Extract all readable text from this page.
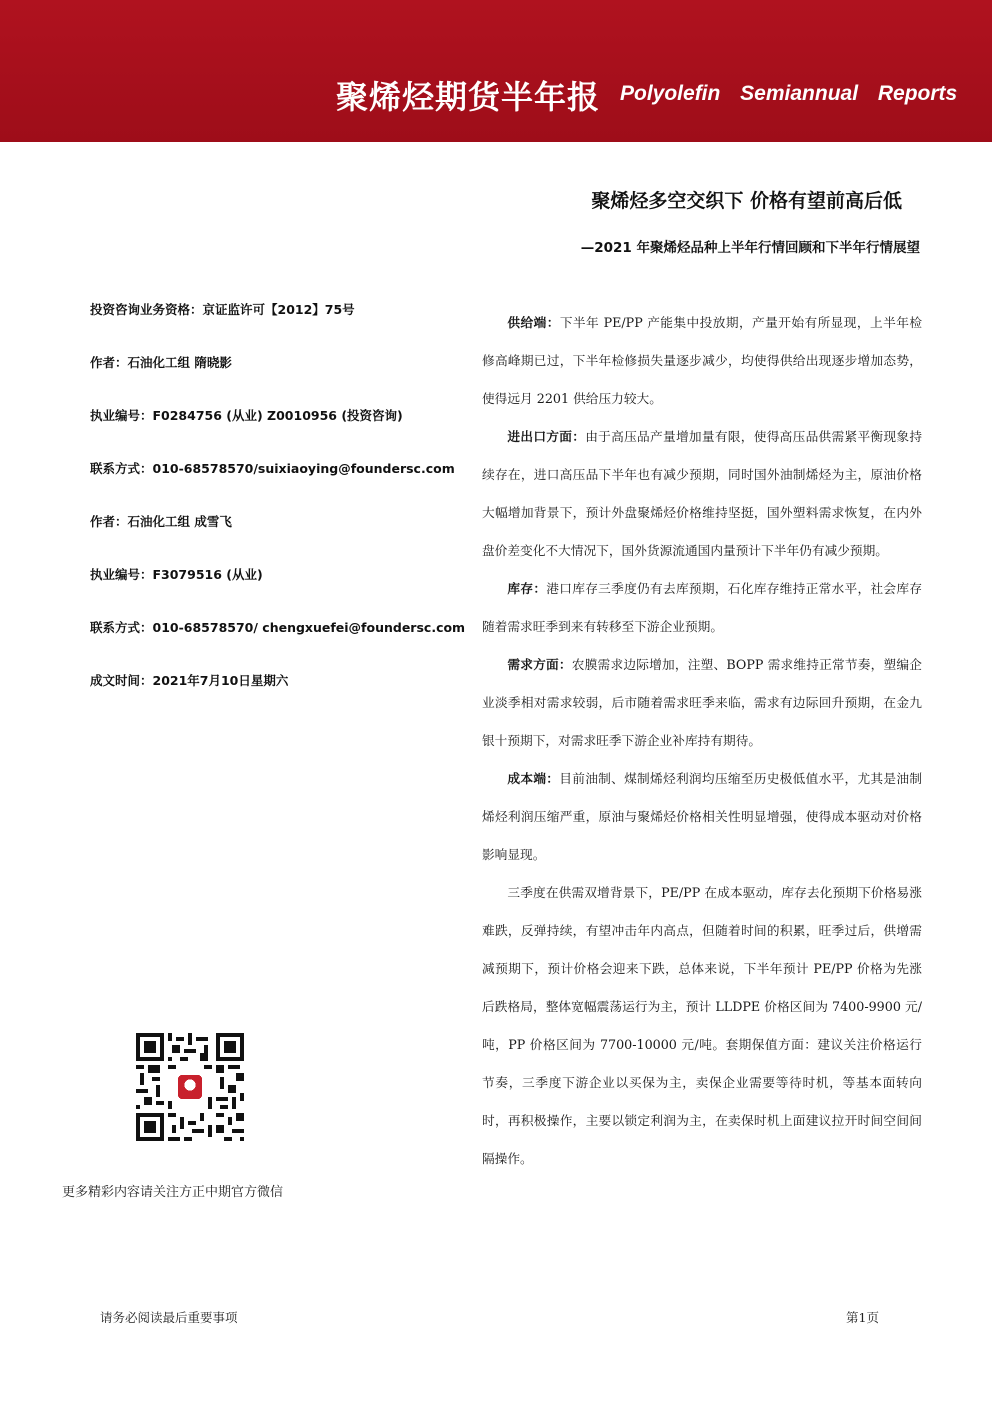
聚烯烃期货半年报 Polyolefin Semiannual Reports
聚烯烃多空交织下 价格有望前高后低
—2021 年聚烯烃品种上半年行情回顾和下半年行情展望
投资咨询业务资格：京证监许可【2012】75号
作者：石油化工组 隋晓影
执业编号：F0284756 (从业) Z0010956 (投资咨询)
联系方式：010-68578570/suixiaoying@foundersc.com
作者：石油化工组 成雪飞
执业编号：F3079516 (从业)
联系方式：010-68578570/ chengxuefei@foundersc.com
成文时间：2021年7月10日星期六
更多精彩内容请关注方正中期官方微信

供给端：下半年 PE/PP 产能集中投放期，产量开始有所显现，上半年检修高峰期已过，下半年检修损失量逐步减少，均使得供给出现逐步增加态势，使得远月 2201 供给压力较大。

进出口方面：由于高压品产量增加量有限，使得高压品供需紧平衡现象持续存在，进口高压品下半年也有减少预期，同时国外油制烯烃为主，原油价格大幅增加背景下，预计外盘聚烯烃价格维持坚挺，国外塑料需求恢复，在内外盘价差变化不大情况下，国外货源流通国内量预计下半年仍有减少预期。

库存：港口库存三季度仍有去库预期，石化库存维持正常水平，社会库存随着需求旺季到来有转移至下游企业预期。

需求方面：农膜需求边际增加，注塑、BOPP 需求维持正常节奏，塑编企业淡季相对需求较弱，后市随着需求旺季来临，需求有边际回升预期，在金九银十预期下，对需求旺季下游企业补库持有期待。

成本端：目前油制、煤制烯烃利润均压缩至历史极低值水平，尤其是油制烯烃利润压缩严重，原油与聚烯烃价格相关性明显增强，使得成本驱动对价格影响显现。

三季度在供需双增背景下，PE/PP 在成本驱动，库存去化预期下价格易涨难跌，反弹持续，有望冲击年内高点，但随着时间的积累，旺季过后，供增需减预期下，预计价格会迎来下跌，总体来说，下半年预计 PE/PP 价格为先涨后跌格局，整体宽幅震荡运行为主，预计 LLDPE 价格区间为 7400-9900 元/吨，PP 价格区间为 7700-10000 元/吨。套期保值方面：建议关注价格运行节奏，三季度下游企业以买保为主，卖保企业需要等待时机，等基本面转向时，再积极操作，主要以锁定利润为主，在卖保时机上面建议拉开时间空间间隔操作。

请务必阅读最后重要事项	第1页
